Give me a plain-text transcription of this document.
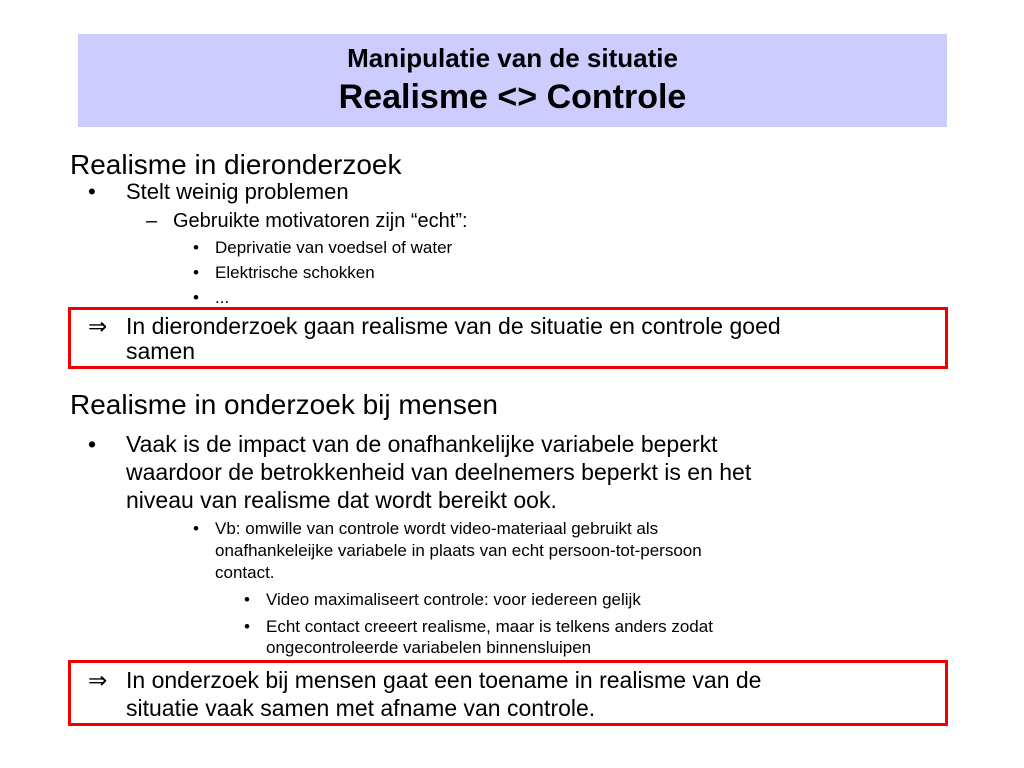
Manipulatie van de situatie
Realisme <> Controle
Realisme in dieronderzoek
• Stelt weinig problemen
– Gebruikte motivatoren zijn “echt”:
• Deprivatie van voedsel of water
• Elektrische schokken
• ...
⇒ In dieronderzoek gaan realisme van de situatie en controle goed
samen
Realisme in onderzoek bij mensen
• Vaak is de impact van de onafhankelijke variabele beperkt
waardoor de betrokkenheid van deelnemers beperkt is en het
niveau van realisme dat wordt bereikt ook.
• Vb: omwille van controle wordt video-materiaal gebruikt als
onafhankeleijke variabele in plaats van echt persoon-tot-persoon
contact.
• Video maximaliseert controle: voor iedereen gelijk
• Echt contact creeert realisme, maar is telkens anders zodat
ongecontroleerde variabelen binnensluipen
⇒ In onderzoek bij mensen gaat een toename in realisme van de
situatie vaak samen met afname van controle.
